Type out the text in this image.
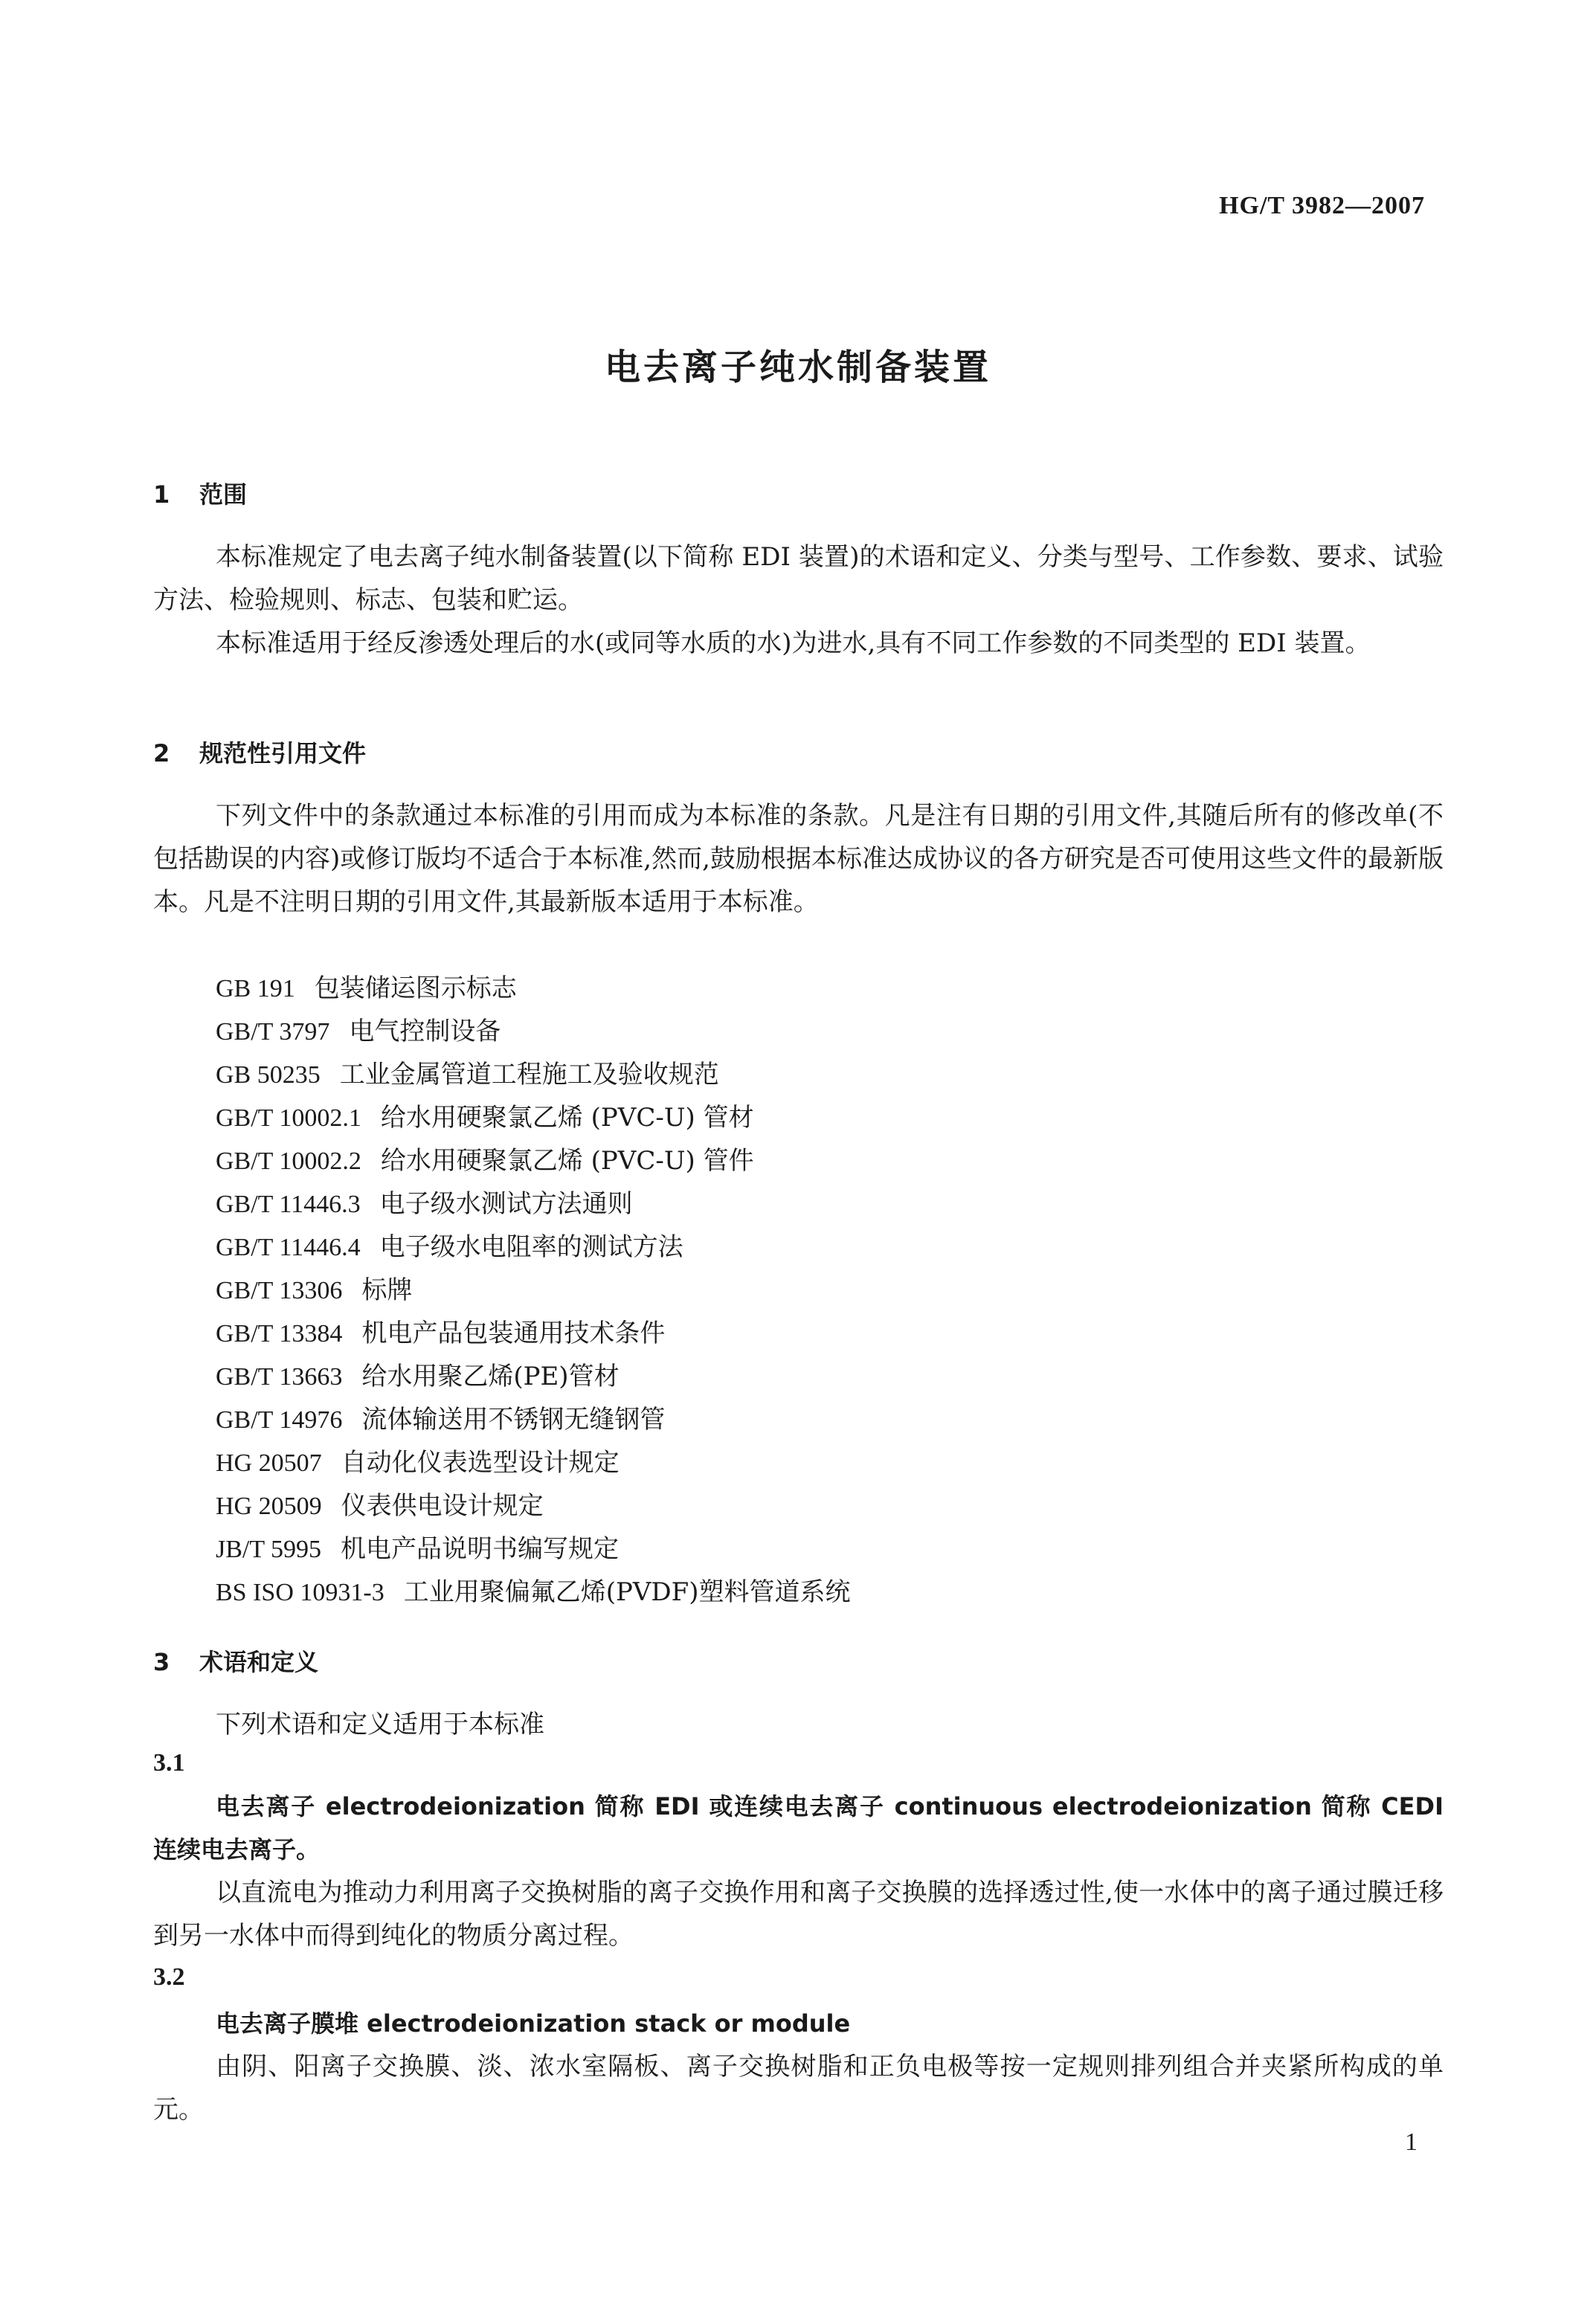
HG/T 3982—2007
电去离子纯水制备装置
1 范围

本标准规定了电去离子纯水制备装置(以下简称 EDI 装置)的术语和定义、分类与型号、工作参数、要求、试验方法、检验规则、标志、包装和贮运。

本标准适用于经反渗透处理后的水(或同等水质的水)为进水,具有不同工作参数的不同类型的 EDI 装置。

2 规范性引用文件

下列文件中的条款通过本标准的引用而成为本标准的条款。凡是注有日期的引用文件,其随后所有的修改单(不包括勘误的内容)或修订版均不适合于本标准,然而,鼓励根据本标准达成协议的各方研究是否可使用这些文件的最新版本。凡是不注明日期的引用文件,其最新版本适用于本标准。

GB 191 包装储运图示标志
GB/T 3797 电气控制设备
GB 50235 工业金属管道工程施工及验收规范
GB/T 10002.1 给水用硬聚氯乙烯 (PVC-U) 管材
GB/T 10002.2 给水用硬聚氯乙烯 (PVC-U) 管件
GB/T 11446.3 电子级水测试方法通则
GB/T 11446.4 电子级水电阻率的测试方法
GB/T 13306 标牌
GB/T 13384 机电产品包装通用技术条件
GB/T 13663 给水用聚乙烯(PE)管材
GB/T 14976 流体输送用不锈钢无缝钢管
HG 20507 自动化仪表选型设计规定
HG 20509 仪表供电设计规定
JB/T 5995 机电产品说明书编写规定
BS ISO 10931-3 工业用聚偏氟乙烯(PVDF)塑料管道系统
3 术语和定义

下列术语和定义适用于本标准

3.1

电去离子 electrodeionization 简称 EDI 或连续电去离子 continuous electrodeionization 简称 CEDI 连续电去离子。

以直流电为推动力利用离子交换树脂的离子交换作用和离子交换膜的选择透过性,使一水体中的离子通过膜迁移到另一水体中而得到纯化的物质分离过程。

3.2

电去离子膜堆 electrodeionization stack or module

由阴、阳离子交换膜、淡、浓水室隔板、离子交换树脂和正负电极等按一定规则排列组合并夹紧所构成的单元。

1
